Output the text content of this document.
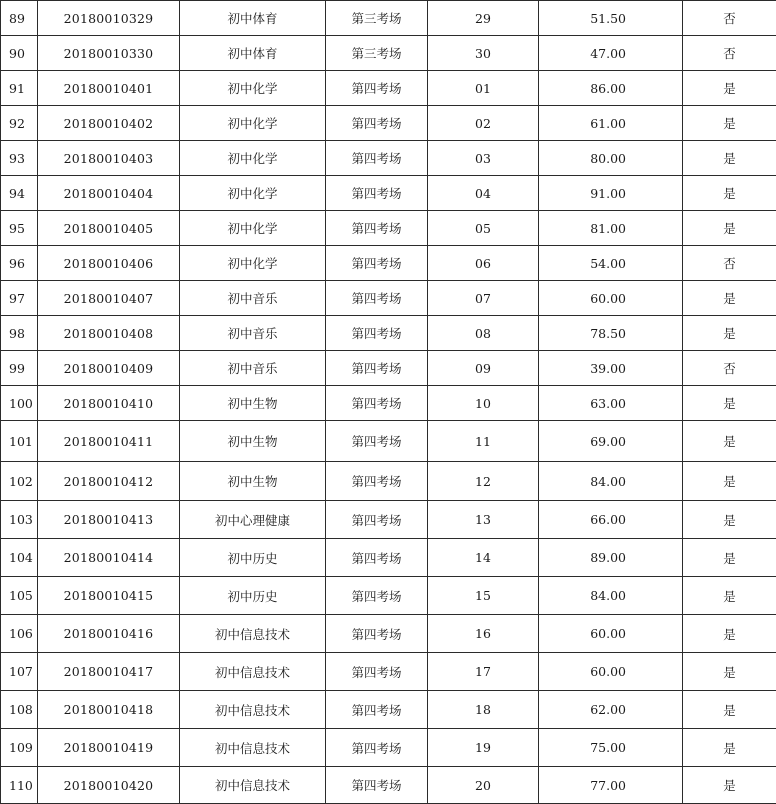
89	20180010329	初中体育	第三考场	29	51.50	否
90	20180010330	初中体育	第三考场	30	47.00	否
91	20180010401	初中化学	第四考场	01	86.00	是
92	20180010402	初中化学	第四考场	02	61.00	是
93	20180010403	初中化学	第四考场	03	80.00	是
94	20180010404	初中化学	第四考场	04	91.00	是
95	20180010405	初中化学	第四考场	05	81.00	是
96	20180010406	初中化学	第四考场	06	54.00	否
97	20180010407	初中音乐	第四考场	07	60.00	是
98	20180010408	初中音乐	第四考场	08	78.50	是
99	20180010409	初中音乐	第四考场	09	39.00	否
100	20180010410	初中生物	第四考场	10	63.00	是
101	20180010411	初中生物	第四考场	11	69.00	是
102	20180010412	初中生物	第四考场	12	84.00	是
103	20180010413	初中心理健康	第四考场	13	66.00	是
104	20180010414	初中历史	第四考场	14	89.00	是
105	20180010415	初中历史	第四考场	15	84.00	是
106	20180010416	初中信息技术	第四考场	16	60.00	是
107	20180010417	初中信息技术	第四考场	17	60.00	是
108	20180010418	初中信息技术	第四考场	18	62.00	是
109	20180010419	初中信息技术	第四考场	19	75.00	是
110	20180010420	初中信息技术	第四考场	20	77.00	是
